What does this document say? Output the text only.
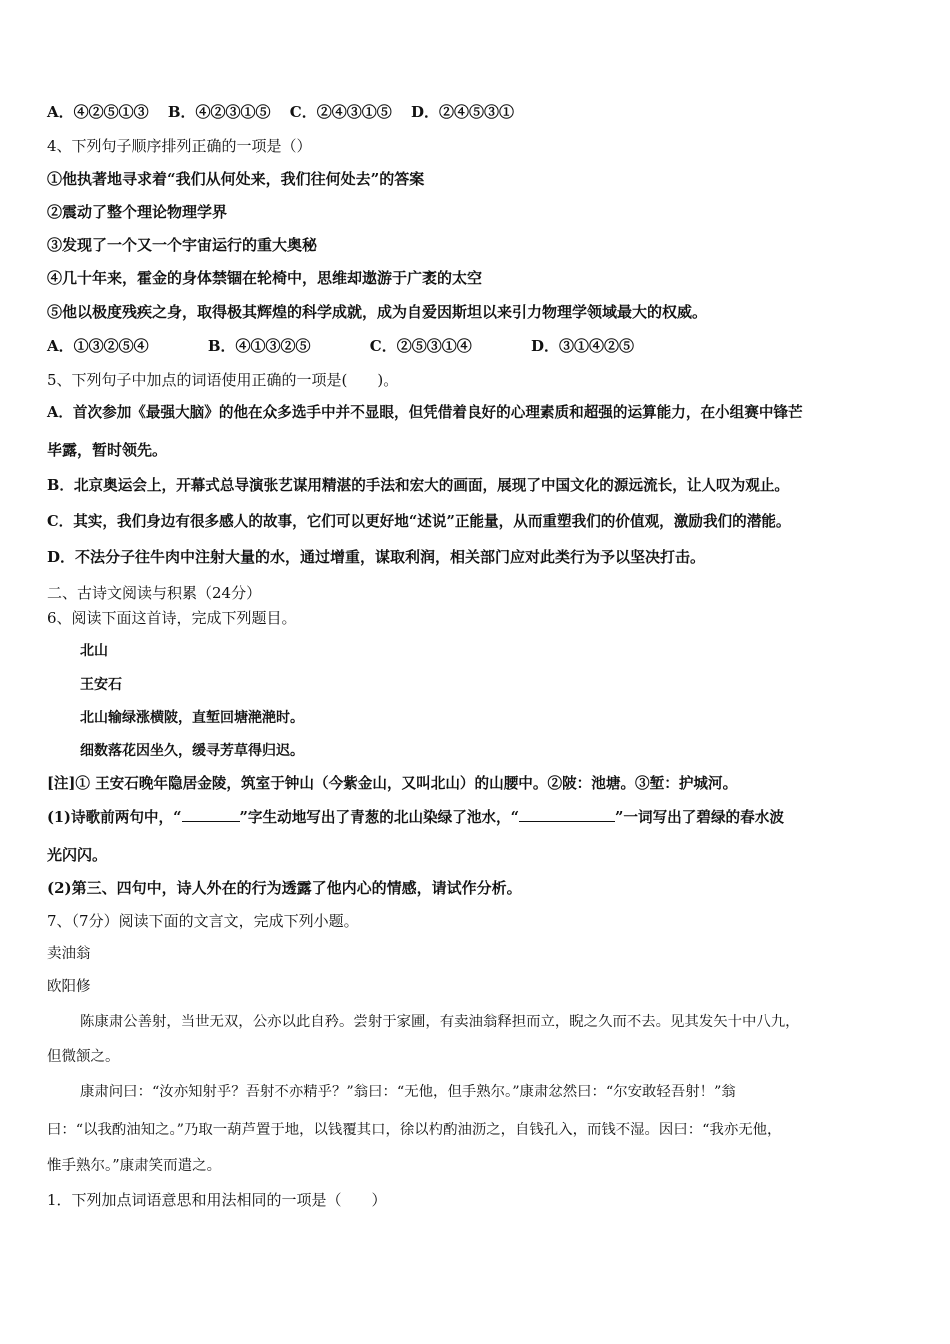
A．④②⑤①③ B．④②③①⑤ C．②④③①⑤ D．②④⑤③①
4、下列句子顺序排列正确的一项是（）
①他执著地寻求着“我们从何处来，我们往何处去”的答案
②震动了整个理论物理学界
③发现了一个又一个宇宙运行的重大奥秘
④几十年来，霍金的身体禁锢在轮椅中，思维却遨游于广袤的太空
⑤他以极度残疾之身，取得极其辉煌的科学成就，成为自爱因斯坦以来引力物理学领域最大的权威。
A．①③②⑤④	B．④①③②⑤	C．②⑤③①④	D．③①④②⑤
5、下列句子中加点的词语使用正确的一项是(　　)。
A．首次参加《最强大脑》的他在众多选手中并不显眼，但凭借着良好的心理素质和超强的运算能力，在小组赛中锋芒
毕露，暂时领先。
B．北京奥运会上，开幕式总导演张艺谋用精湛的手法和宏大的画面，展现了中国文化的源远流长，让人叹为观止。
C．其实，我们身边有很多感人的故事，它们可以更好地“述说”正能量，从而重塑我们的价值观，激励我们的潜能。
D．不法分子往牛肉中注射大量的水，通过增重，谋取利润，相关部门应对此类行为予以坚决打击。
二、古诗文阅读与积累（24分）
6、阅读下面这首诗，完成下列题目。
北山
王安石
北山输绿涨横陂，直堑回塘滟滟时。
细数落花因坐久，缓寻芳草得归迟。
[注]① 王安石晚年隐居金陵，筑室于钟山（今紫金山，又叫北山）的山腰中。②陂：池塘。③堑：护城河。
(1)诗歌前两句中，“	”字生动地写出了青葱的北山染绿了池水，“	”一词写出了碧绿的春水波
光闪闪。
(2)第三、四句中，诗人外在的行为透露了他内心的情感，请试作分析。
7、（7分）阅读下面的文言文，完成下列小题。
卖油翁
欧阳修
陈康肃公善射，当世无双，公亦以此自矜。尝射于家圃，有卖油翁释担而立，睨之久而不去。见其发矢十中八九，
但微颔之。
康肃问曰：“汝亦知射乎？吾射不亦精乎？”翁曰：“无他，但手熟尔。”康肃忿然曰：“尔安敢轻吾射！”翁
曰：“以我酌油知之。”乃取一葫芦置于地，以钱覆其口，徐以杓酌油沥之，自钱孔入，而钱不湿。因曰：“我亦无他，
惟手熟尔。”康肃笑而遣之。
1．下列加点词语意思和用法相同的一项是（　　）
